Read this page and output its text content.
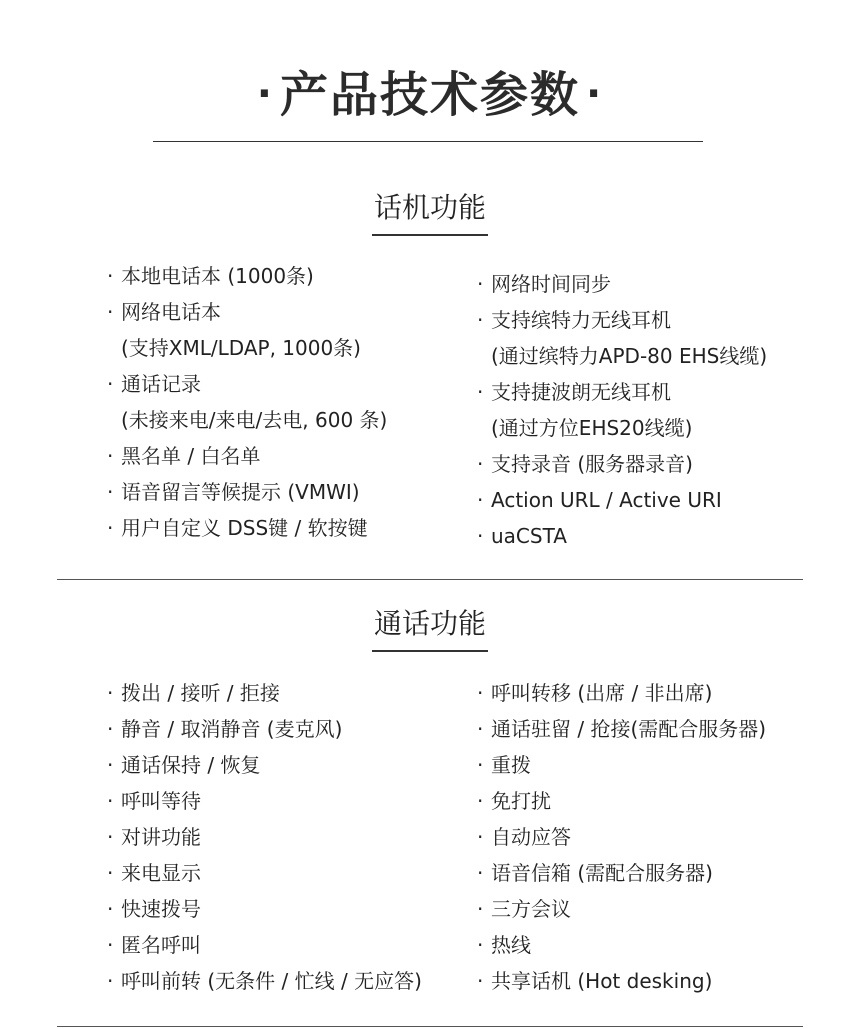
· 产品技术参数 ·
话机功能
· 本地电话本 (1000条)
· 网络电话本
(支持XML/LDAP, 1000条)
· 通话记录
(未接来电/来电/去电, 600 条)
· 黑名单 / 白名单
· 语音留言等候提示 (VMWI)
· 用户自定义 DSS键 / 软按键
· 网络时间同步
· 支持缤特力无线耳机
(通过缤特力APD-80 EHS线缆)
· 支持捷波朗无线耳机
(通过方位EHS20线缆)
· 支持录音 (服务器录音)
· Action URL / Active URI
· uaCSTA
通话功能
· 拨出 / 接听 / 拒接
· 静音 / 取消静音 (麦克风)
· 通话保持 / 恢复
· 呼叫等待
· 对讲功能
· 来电显示
· 快速拨号
· 匿名呼叫
· 呼叫前转 (无条件 / 忙线 / 无应答)
· 呼叫转移 (出席 / 非出席)
· 通话驻留 / 抢接(需配合服务器)
· 重拨
· 免打扰
· 自动应答
· 语音信箱 (需配合服务器)
· 三方会议
· 热线
· 共享话机 (Hot desking)
